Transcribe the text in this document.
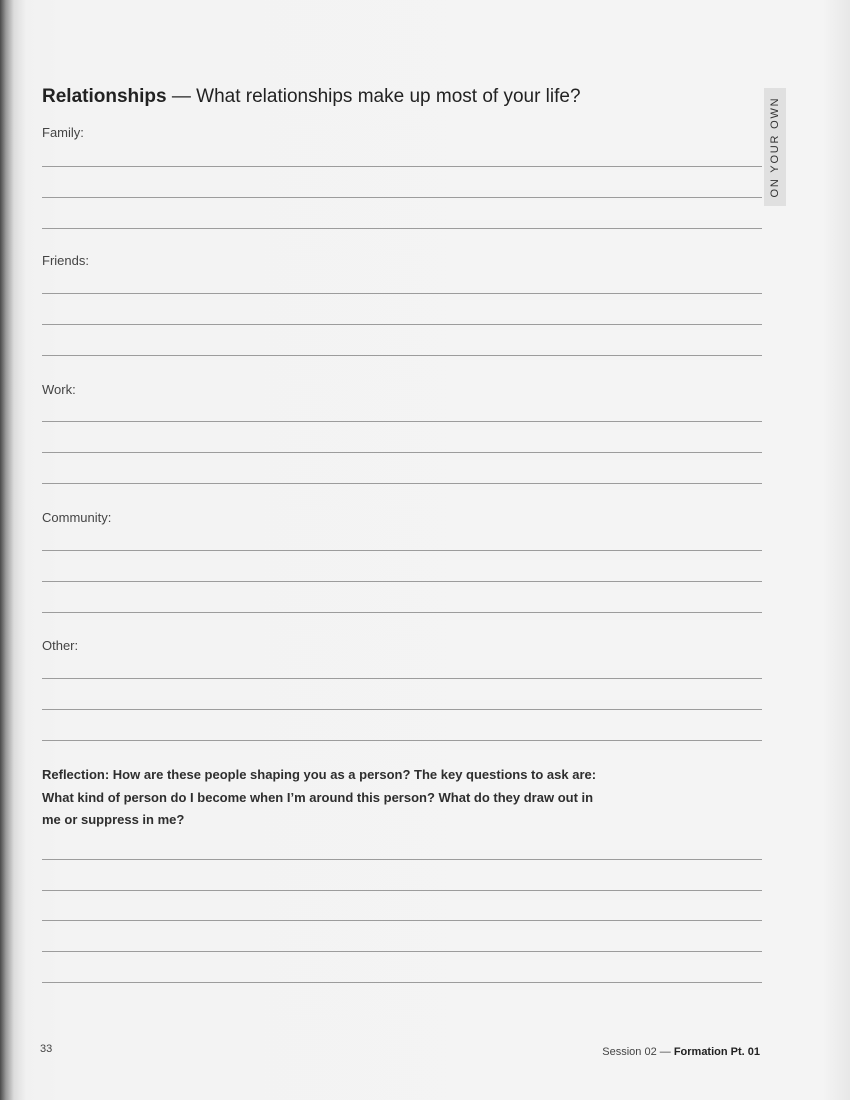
Relationships — What relationships make up most of your life?
ON YOUR OWN
Family:
Friends:
Work:
Community:
Other:
Reflection: How are these people shaping you as a person? The key questions to ask are: What kind of person do I become when I’m around this person? What do they draw out in me or suppress in me?
33	Session 02 — Formation Pt. 01
